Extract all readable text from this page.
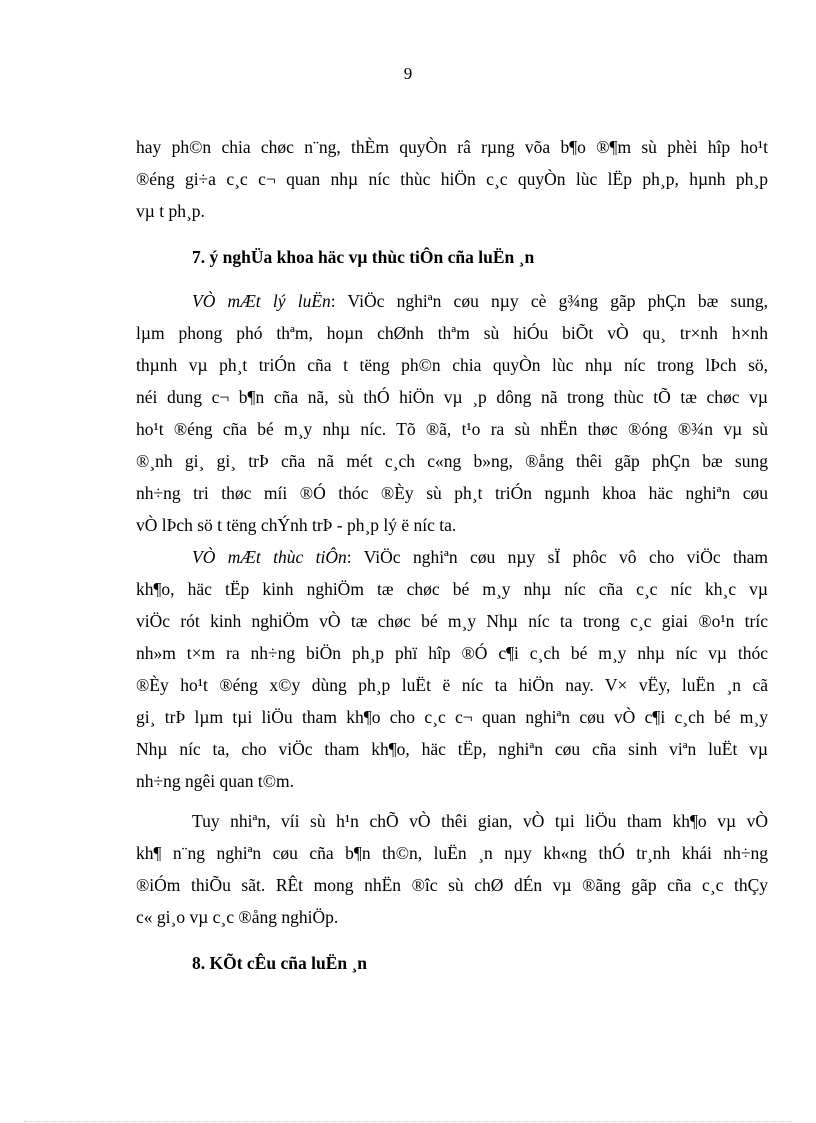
9
hay ph©n chia chøc n¨ng, thÈm quyÒn râ rµng võa b¶o ®¶m sù phèi hîp ho¹t
®éng gi÷a c¸c c¬ quan nhµ níc thùc hiÖn c¸c quyÒn lùc lËp ph¸p, hµnh ph¸p
vµ t ph¸p.
7. ý nghÜa khoa häc vµ thùc tiÔn cña luËn ¸n
VÒ mÆt lý luËn: ViÖc nghiªn cøu nµy cè g¾ng gãp phÇn bæ sung,
lµm phong phó thªm, hoµn chØnh thªm sù hiÓu biÕt vÒ qu¸ tr×nh h×nh
thµnh vµ ph¸t triÓn cña t tëng ph©n chia quyÒn lùc nhµ níc trong lÞch sö,
néi dung c¬ b¶n cña nã, sù thÓ hiÖn vµ ¸p dông nã trong thùc tÕ tæ chøc vµ
ho¹t ®éng cña bé m¸y nhµ níc. Tõ ®ã, t¹o ra sù nhËn thøc ®óng ®¾n vµ sù
®¸nh gi¸ gi¸ trÞ cña nã mét c¸ch c«ng b»ng, ®ång thêi gãp phÇn bæ sung
nh÷ng tri thøc míi ®Ó thóc ®Èy sù ph¸t triÓn ngµnh khoa häc nghiªn cøu
vÒ lÞch sö t tëng chÝnh trÞ - ph¸p lý ë níc ta.
VÒ mÆt thùc tiÔn: ViÖc nghiªn cøu nµy sÏ phôc vô cho viÖc tham
kh¶o, häc tËp kinh nghiÖm tæ chøc bé m¸y nhµ níc cña c¸c níc kh¸c vµ
viÖc rót kinh nghiÖm vÒ tæ chøc bé m¸y Nhµ níc ta trong c¸c giai ®o¹n tríc
nh»m t×m ra nh÷ng biÖn ph¸p phï hîp ®Ó c¶i c¸ch bé m¸y nhµ níc vµ thóc
®Èy ho¹t ®éng x©y dùng ph¸p luËt ë níc ta hiÖn nay. V× vËy, luËn ¸n cã
gi¸ trÞ lµm tµi liÖu tham kh¶o cho c¸c c¬ quan nghiªn cøu vÒ c¶i c¸ch bé m¸y
Nhµ níc ta, cho viÖc tham kh¶o, häc tËp, nghiªn cøu cña sinh viªn luËt vµ
nh÷ng ngêi quan t©m.
Tuy nhiªn, víi sù h¹n chÕ vÒ thêi gian, vÒ tµi liÖu tham kh¶o vµ vÒ
kh¶ n¨ng nghiªn cøu cña b¶n th©n, luËn ¸n nµy kh«ng thÓ tr¸nh khái nh÷ng
®iÓm thiÕu sãt. RÊt mong nhËn ®îc sù chØ dÉn vµ ®ãng gãp cña c¸c thÇy
c« gi¸o vµ c¸c ®ång nghiÖp.
8. KÕt cÊu cña luËn ¸n
